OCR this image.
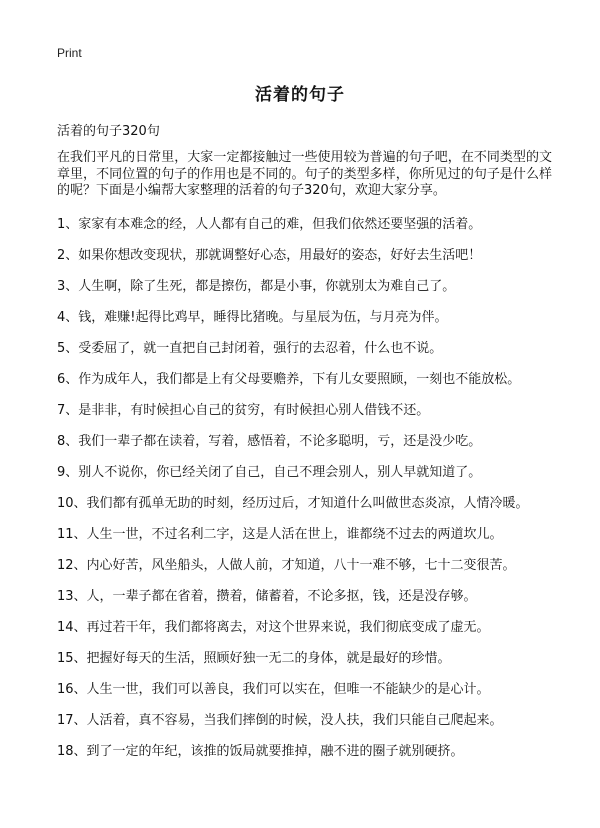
Print
活着的句子
活着的句子320句
在我们平凡的日常里，大家一定都接触过一些使用较为普遍的句子吧，在不同类型的文章里，不同位置的句子的作用也是不同的。句子的类型多样，你所见过的句子是什么样的呢？下面是小编帮大家整理的活着的句子320句，欢迎大家分享。
1、家家有本难念的经，人人都有自己的难，但我们依然还要坚强的活着。
2、如果你想改变现状，那就调整好心态，用最好的姿态，好好去生活吧！
3、人生啊，除了生死，都是擦伤，都是小事，你就别太为难自己了。
4、钱，难赚!起得比鸡早，睡得比猪晚。与星辰为伍，与月亮为伴。
5、受委屈了，就一直把自己封闭着，强行的去忍着，什么也不说。
6、作为成年人，我们都是上有父母要赡养，下有儿女要照顾，一刻也不能放松。
7、是非非，有时候担心自己的贫穷，有时候担心别人借钱不还。
8、我们一辈子都在读着，写着，感悟着，不论多聪明，亏，还是没少吃。
9、别人不说你，你已经关闭了自己，自己不理会别人，别人早就知道了。
10、我们都有孤单无助的时刻，经历过后，才知道什么叫做世态炎凉，人情冷暖。
11、人生一世，不过名利二字，这是人活在世上，谁都绕不过去的两道坎儿。
12、内心好苦，风坐船头，人做人前，才知道，八十一难不够，七十二变很苦。
13、人，一辈子都在省着，攒着，储蓄着，不论多抠，钱，还是没存够。
14、再过若干年，我们都将离去，对这个世界来说，我们彻底变成了虚无。
15、把握好每天的生活，照顾好独一无二的身体，就是最好的珍惜。
16、人生一世，我们可以善良，我们可以实在，但唯一不能缺少的是心计。
17、人活着，真不容易，当我们摔倒的时候，没人扶，我们只能自己爬起来。
18、到了一定的年纪，该推的饭局就要推掉，融不进的圈子就别硬挤。
